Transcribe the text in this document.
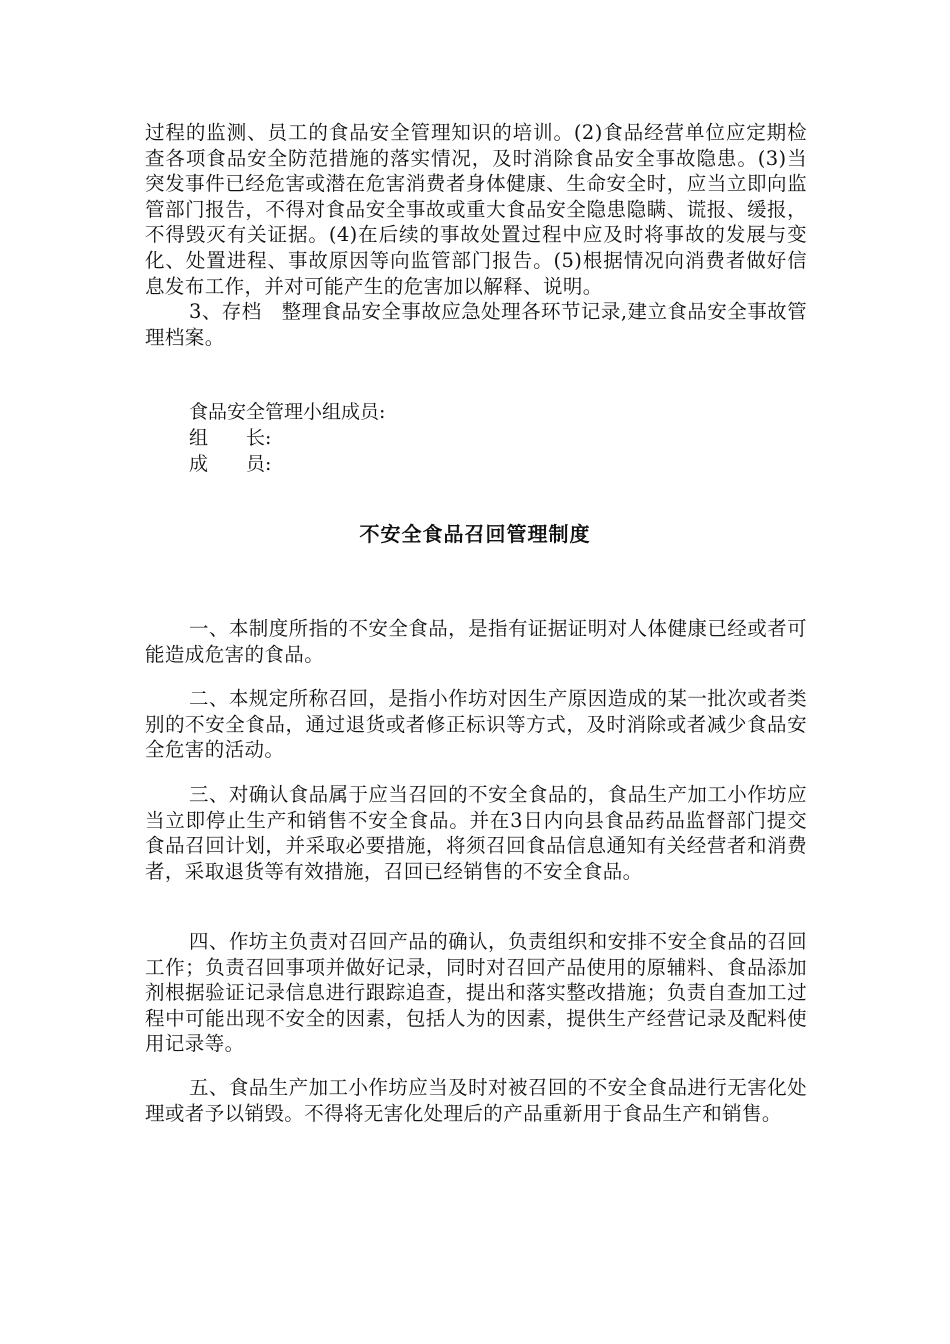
过程的监测、员工的食品安全管理知识的培训。(2)食品经营单位应定期检查各项食品安全防范措施的落实情况，及时消除食品安全事故隐患。(3)当突发事件已经危害或潜在危害消费者身体健康、生命安全时，应当立即向监管部门报告，不得对食品安全事故或重大食品安全隐患隐瞒、谎报、缓报，不得毁灭有关证据。(4)在后续的事故处置过程中应及时将事故的发展与变化、处置进程、事故原因等向监管部门报告。(5)根据情况向消费者做好信息发布工作，并对可能产生的危害加以解释、说明。

3、存档　整理食品安全事故应急处理各环节记录,建立食品安全事故管理档案。

食品安全管理小组成员:
组　　长:
成　　员:
不安全食品召回管理制度

一、本制度所指的不安全食品，是指有证据证明对人体健康已经或者可能造成危害的食品。

二、本规定所称召回，是指小作坊对因生产原因造成的某一批次或者类别的不安全食品，通过退货或者修正标识等方式，及时消除或者减少食品安全危害的活动。

三、对确认食品属于应当召回的不安全食品的，食品生产加工小作坊应当立即停止生产和销售不安全食品。并在3日内向县食品药品监督部门提交食品召回计划，并采取必要措施，将须召回食品信息通知有关经营者和消费者，采取退货等有效措施，召回已经销售的不安全食品。

四、作坊主负责对召回产品的确认，负责组织和安排不安全食品的召回工作；负责召回事项并做好记录，同时对召回产品使用的原辅料、食品添加剂根据验证记录信息进行跟踪追查，提出和落实整改措施；负责自查加工过程中可能出现不安全的因素，包括人为的因素，提供生产经营记录及配料使用记录等。

五、食品生产加工小作坊应当及时对被召回的不安全食品进行无害化处理或者予以销毁。不得将无害化处理后的产品重新用于食品生产和销售。
